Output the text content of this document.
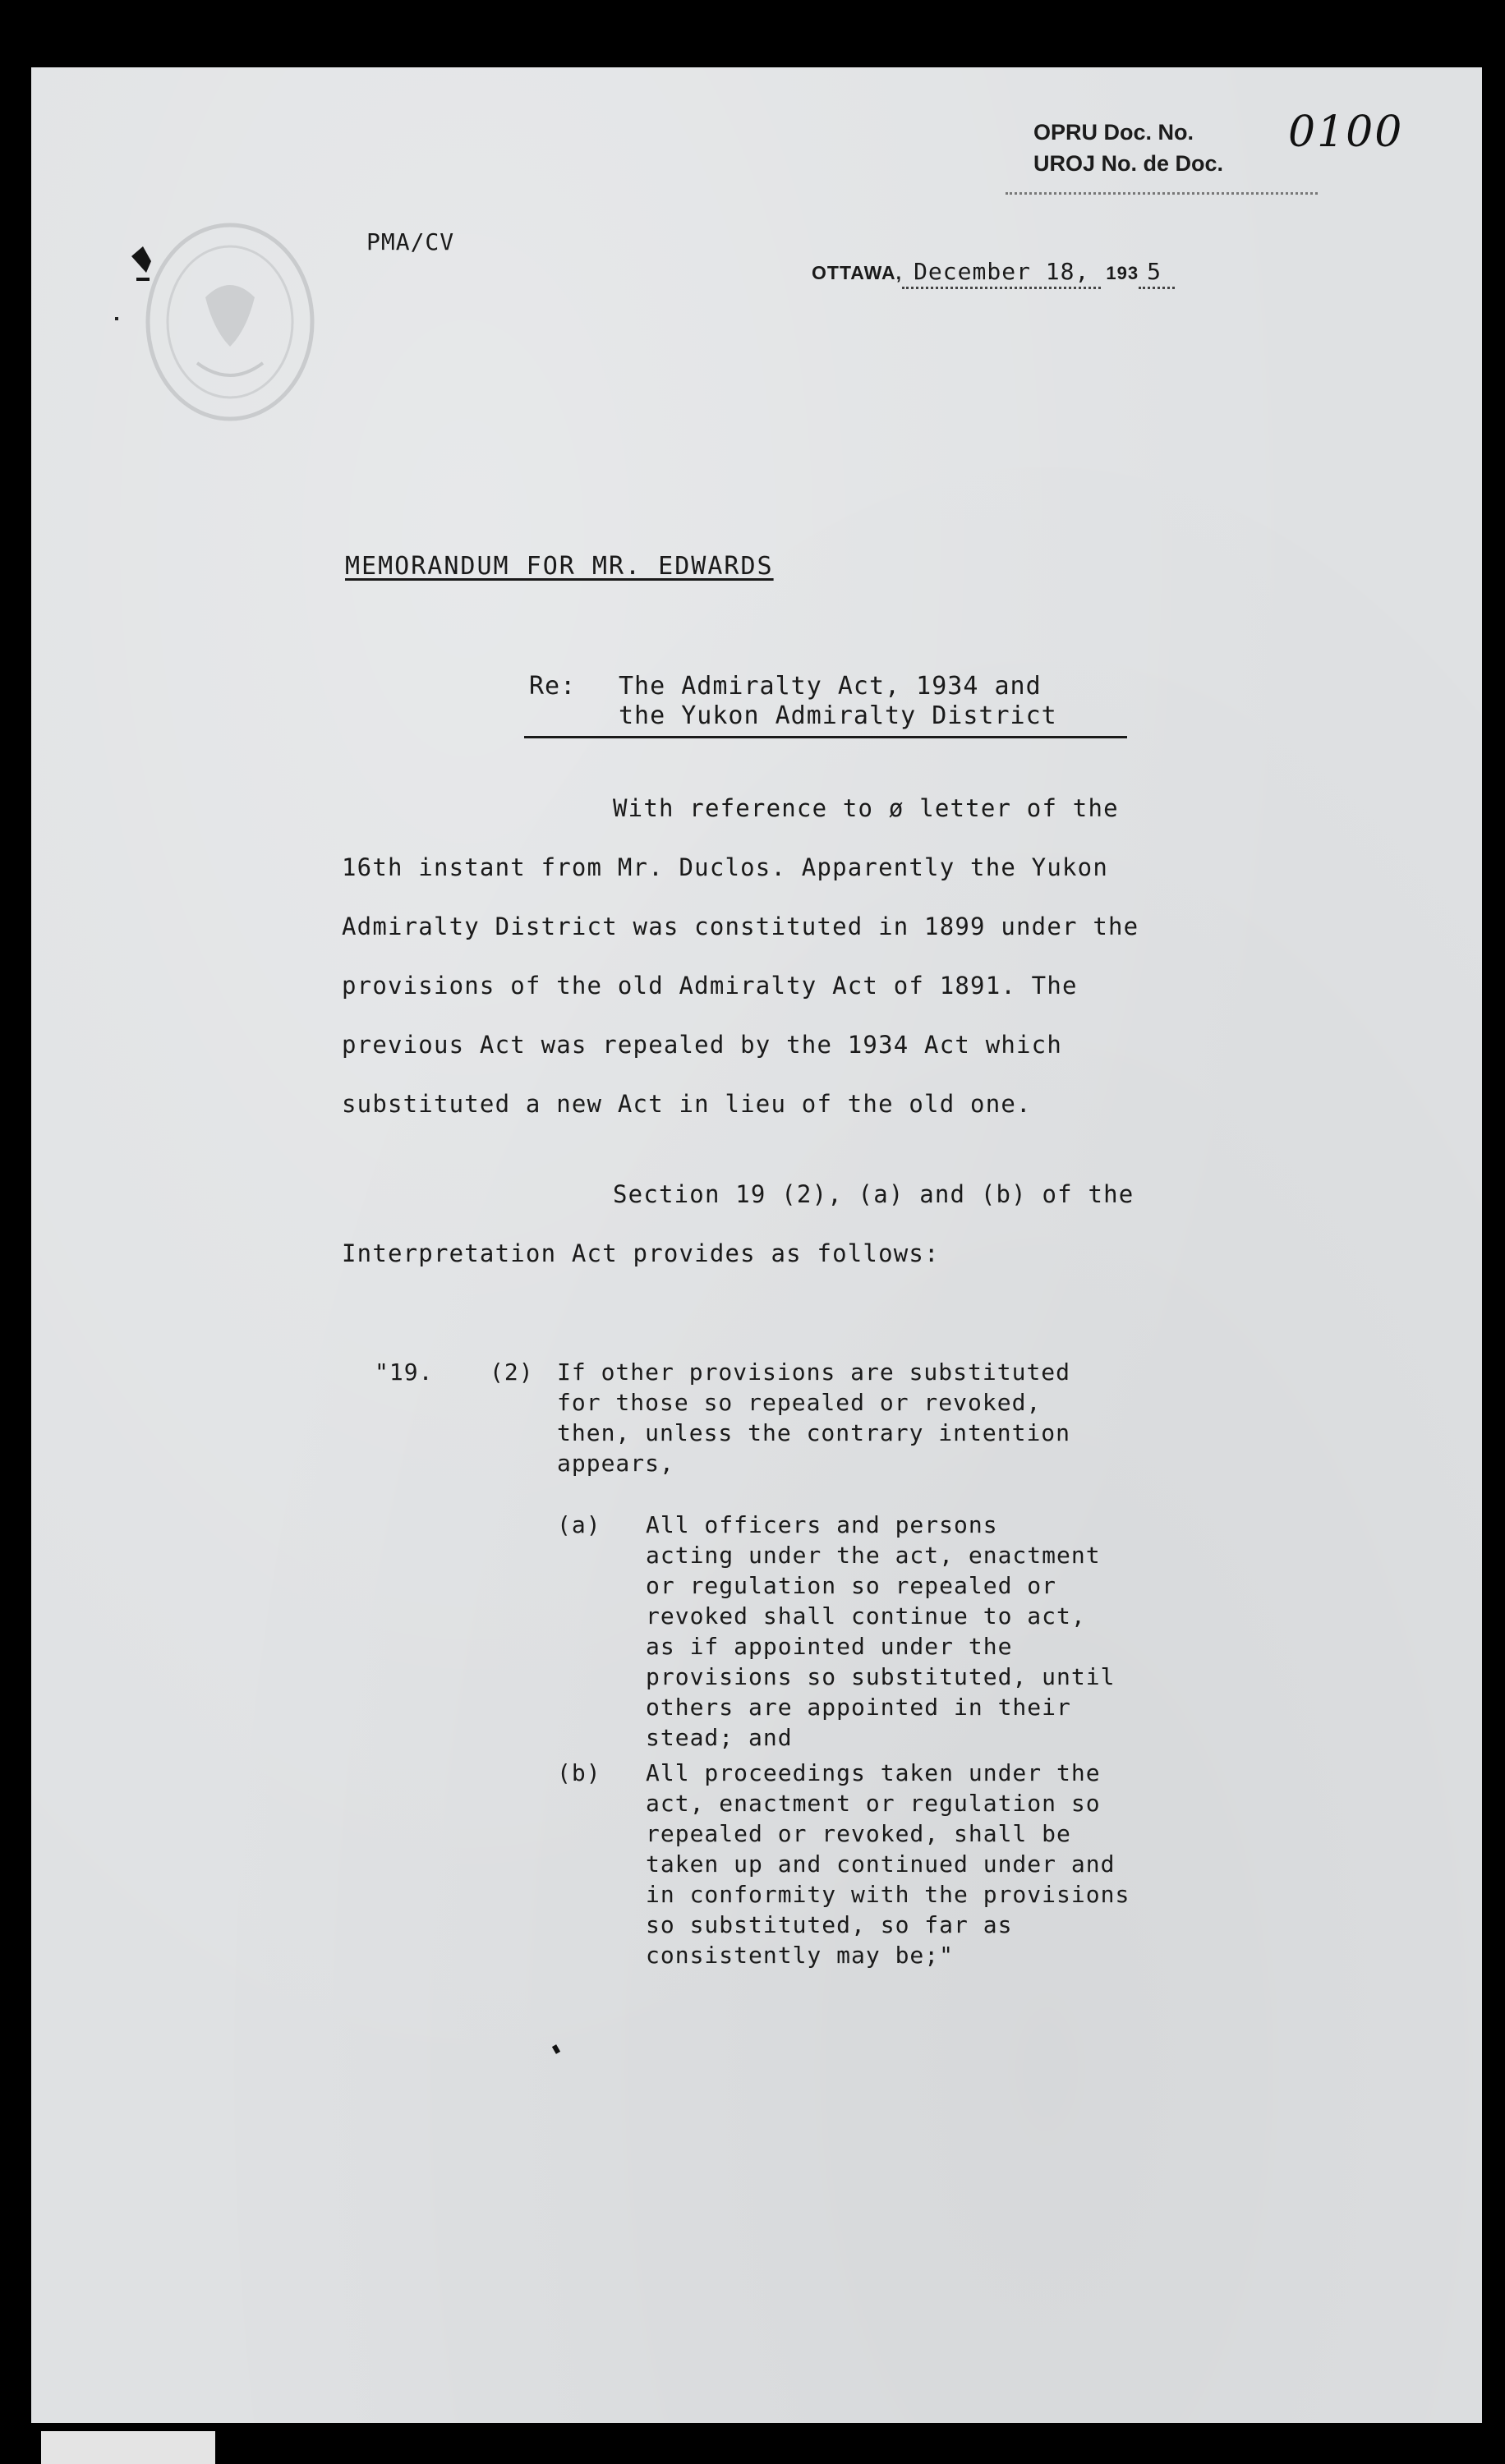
OPRU Doc. No.
UROJ No. de Doc.
0100
PMA/CV
OTTAWA, December 18, 193 5
MEMORANDUM FOR MR. EDWARDS
Re: The Admiralty Act, 1934 and
the Yukon Admiralty District
With reference to ø letter of the
16th instant from Mr. Duclos. Apparently the Yukon
Admiralty District was constituted in 1899 under the
provisions of the old Admiralty Act of 1891. The
previous Act was repealed by the 1934 Act which
substituted a new Act in lieu of the old one.
Section 19 (2), (a) and (b) of the
Interpretation Act provides as follows:
"19. (2) If other provisions are substituted
for those so repealed or revoked,
then, unless the contrary intention
appears,
(a) All officers and persons
acting under the act, enactment
or regulation so repealed or
revoked shall continue to act,
as if appointed under the
provisions so substituted, until
others are appointed in their
stead; and
(b) All proceedings taken under the
act, enactment or regulation so
repealed or revoked, shall be
taken up and continued under and
in conformity with the provisions
so substituted, so far as
consistently may be;"
